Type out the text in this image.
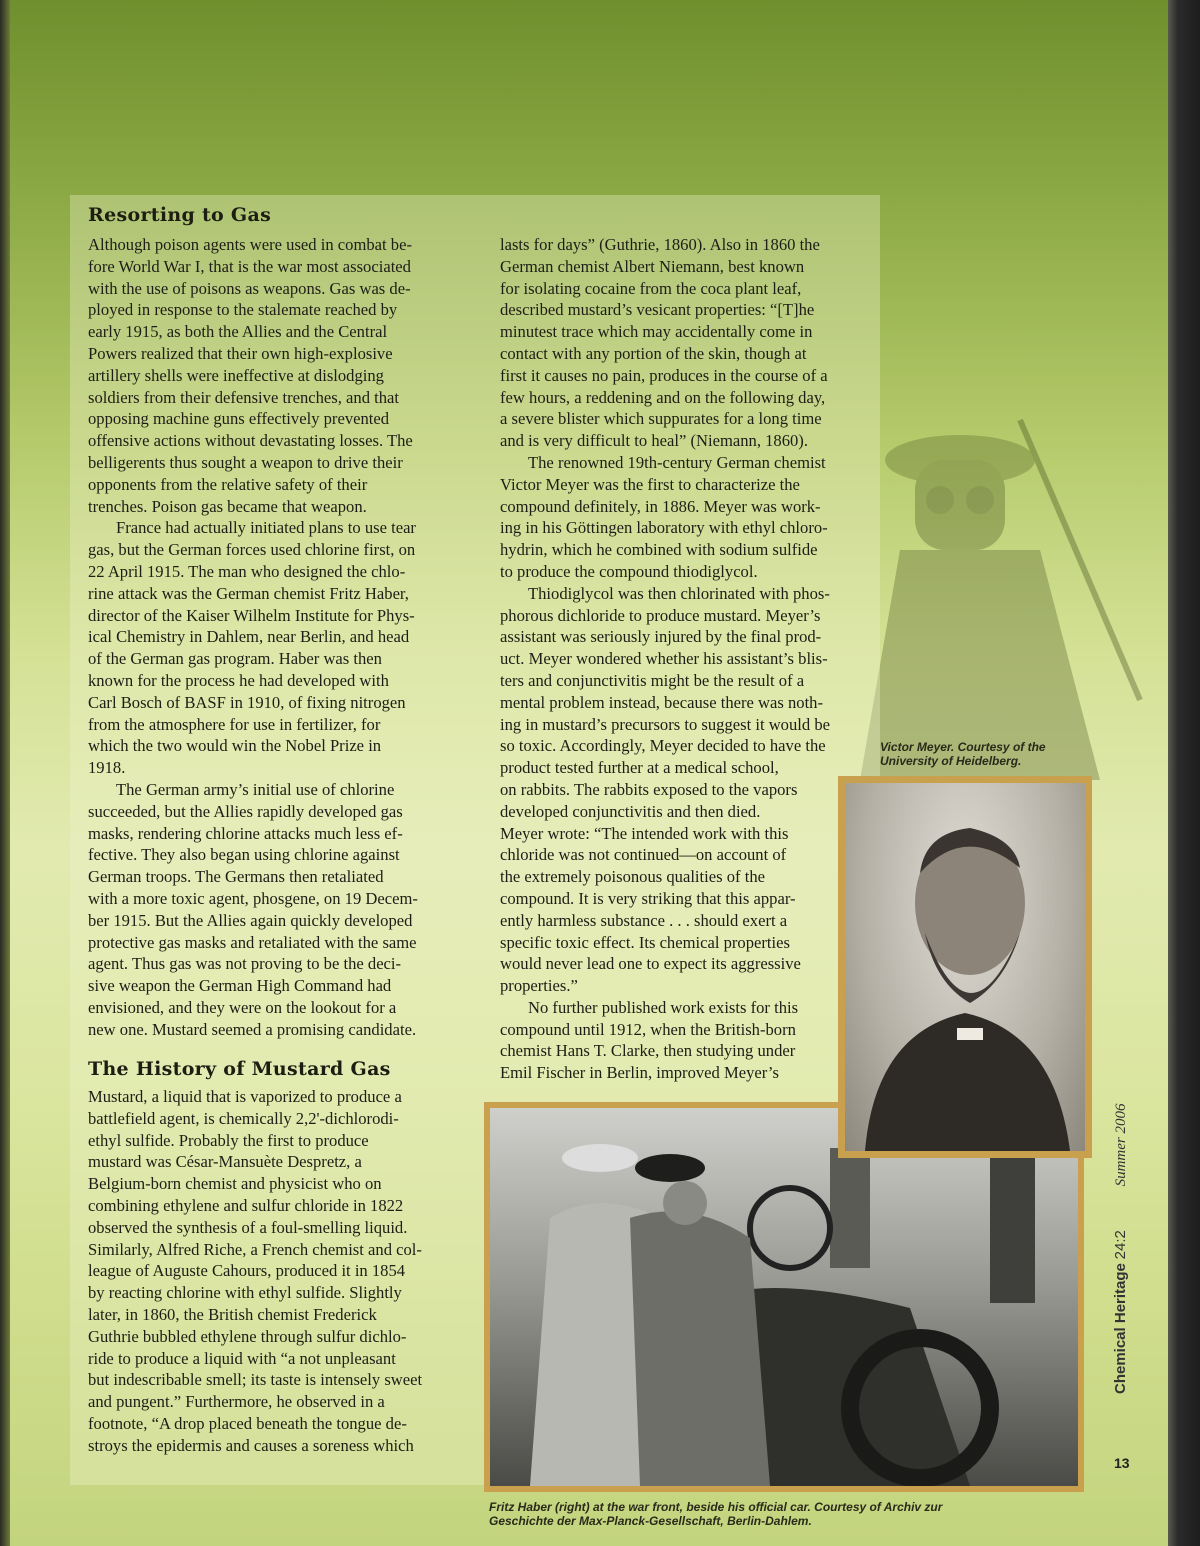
Resorting to Gas
Although poison agents were used in combat be-
fore World War I, that is the war most associated
with the use of poisons as weapons. Gas was de-
ployed in response to the stalemate reached by
early 1915, as both the Allies and the Central
Powers realized that their own high-explosive
artillery shells were ineffective at dislodging
soldiers from their defensive trenches, and that
opposing machine guns effectively prevented
offensive actions without devastating losses. The
belligerents thus sought a weapon to drive their
opponents from the relative safety of their
trenches. Poison gas became that weapon.
France had actually initiated plans to use tear
gas, but the German forces used chlorine first, on
22 April 1915. The man who designed the chlo-
rine attack was the German chemist Fritz Haber,
director of the Kaiser Wilhelm Institute for Phys-
ical Chemistry in Dahlem, near Berlin, and head
of the German gas program. Haber was then
known for the process he had developed with
Carl Bosch of BASF in 1910, of fixing nitrogen
from the atmosphere for use in fertilizer, for
which the two would win the Nobel Prize in
1918.
The German army’s initial use of chlorine
succeeded, but the Allies rapidly developed gas
masks, rendering chlorine attacks much less ef-
fective. They also began using chlorine against
German troops. The Germans then retaliated
with a more toxic agent, phosgene, on 19 Decem-
ber 1915. But the Allies again quickly developed
protective gas masks and retaliated with the same
agent. Thus gas was not proving to be the deci-
sive weapon the German High Command had
envisioned, and they were on the lookout for a
new one. Mustard seemed a promising candidate.
The History of Mustard Gas
Mustard, a liquid that is vaporized to produce a
battlefield agent, is chemically 2,2'-dichlorodi-
ethyl sulfide. Probably the first to produce
mustard was César-Mansuète Despretz, a
Belgium-born chemist and physicist who on
combining ethylene and sulfur chloride in 1822
observed the synthesis of a foul-smelling liquid.
Similarly, Alfred Riche, a French chemist and col-
league of Auguste Cahours, produced it in 1854
by reacting chlorine with ethyl sulfide. Slightly
later, in 1860, the British chemist Frederick
Guthrie bubbled ethylene through sulfur dichlo-
ride to produce a liquid with “a not unpleasant
but indescribable smell; its taste is intensely sweet
and pungent.” Furthermore, he observed in a
footnote, “A drop placed beneath the tongue de-
stroys the epidermis and causes a soreness which
lasts for days” (Guthrie, 1860). Also in 1860 the
German chemist Albert Niemann, best known
for isolating cocaine from the coca plant leaf,
described mustard’s vesicant properties: “[T]he
minutest trace which may accidentally come in
contact with any portion of the skin, though at
first it causes no pain, produces in the course of a
few hours, a reddening and on the following day,
a severe blister which suppurates for a long time
and is very difficult to heal” (Niemann, 1860).
The renowned 19th-century German chemist
Victor Meyer was the first to characterize the
compound definitely, in 1886. Meyer was work-
ing in his Göttingen laboratory with ethyl chloro-
hydrin, which he combined with sodium sulfide
to produce the compound thiodiglycol.
Thiodiglycol was then chlorinated with phos-
phorous dichloride to produce mustard. Meyer’s
assistant was seriously injured by the final prod-
uct. Meyer wondered whether his assistant’s blis-
ters and conjunctivitis might be the result of a
mental problem instead, because there was noth-
ing in mustard’s precursors to suggest it would be
so toxic. Accordingly, Meyer decided to have the
product tested further at a medical school,
on rabbits. The rabbits exposed to the vapors
developed conjunctivitis and then died.
Meyer wrote: “The intended work with this
chloride was not continued—on account of
the extremely poisonous qualities of the
compound. It is very striking that this appar-
ently harmless substance . . . should exert a
specific toxic effect. Its chemical properties
would never lead one to expect its aggressive
properties.”
No further published work exists for this
compound until 1912, when the British-born
chemist Hans T. Clarke, then studying under
Emil Fischer in Berlin, improved Meyer’s
Victor Meyer. Courtesy of the
University of Heidelberg.
Fritz Haber (right) at the war front, beside his official car. Courtesy of Archiv zur
Geschichte der Max-Planck-Gesellschaft, Berlin-Dahlem.
Chemical Heritage 24:2 Summer 2006
13
